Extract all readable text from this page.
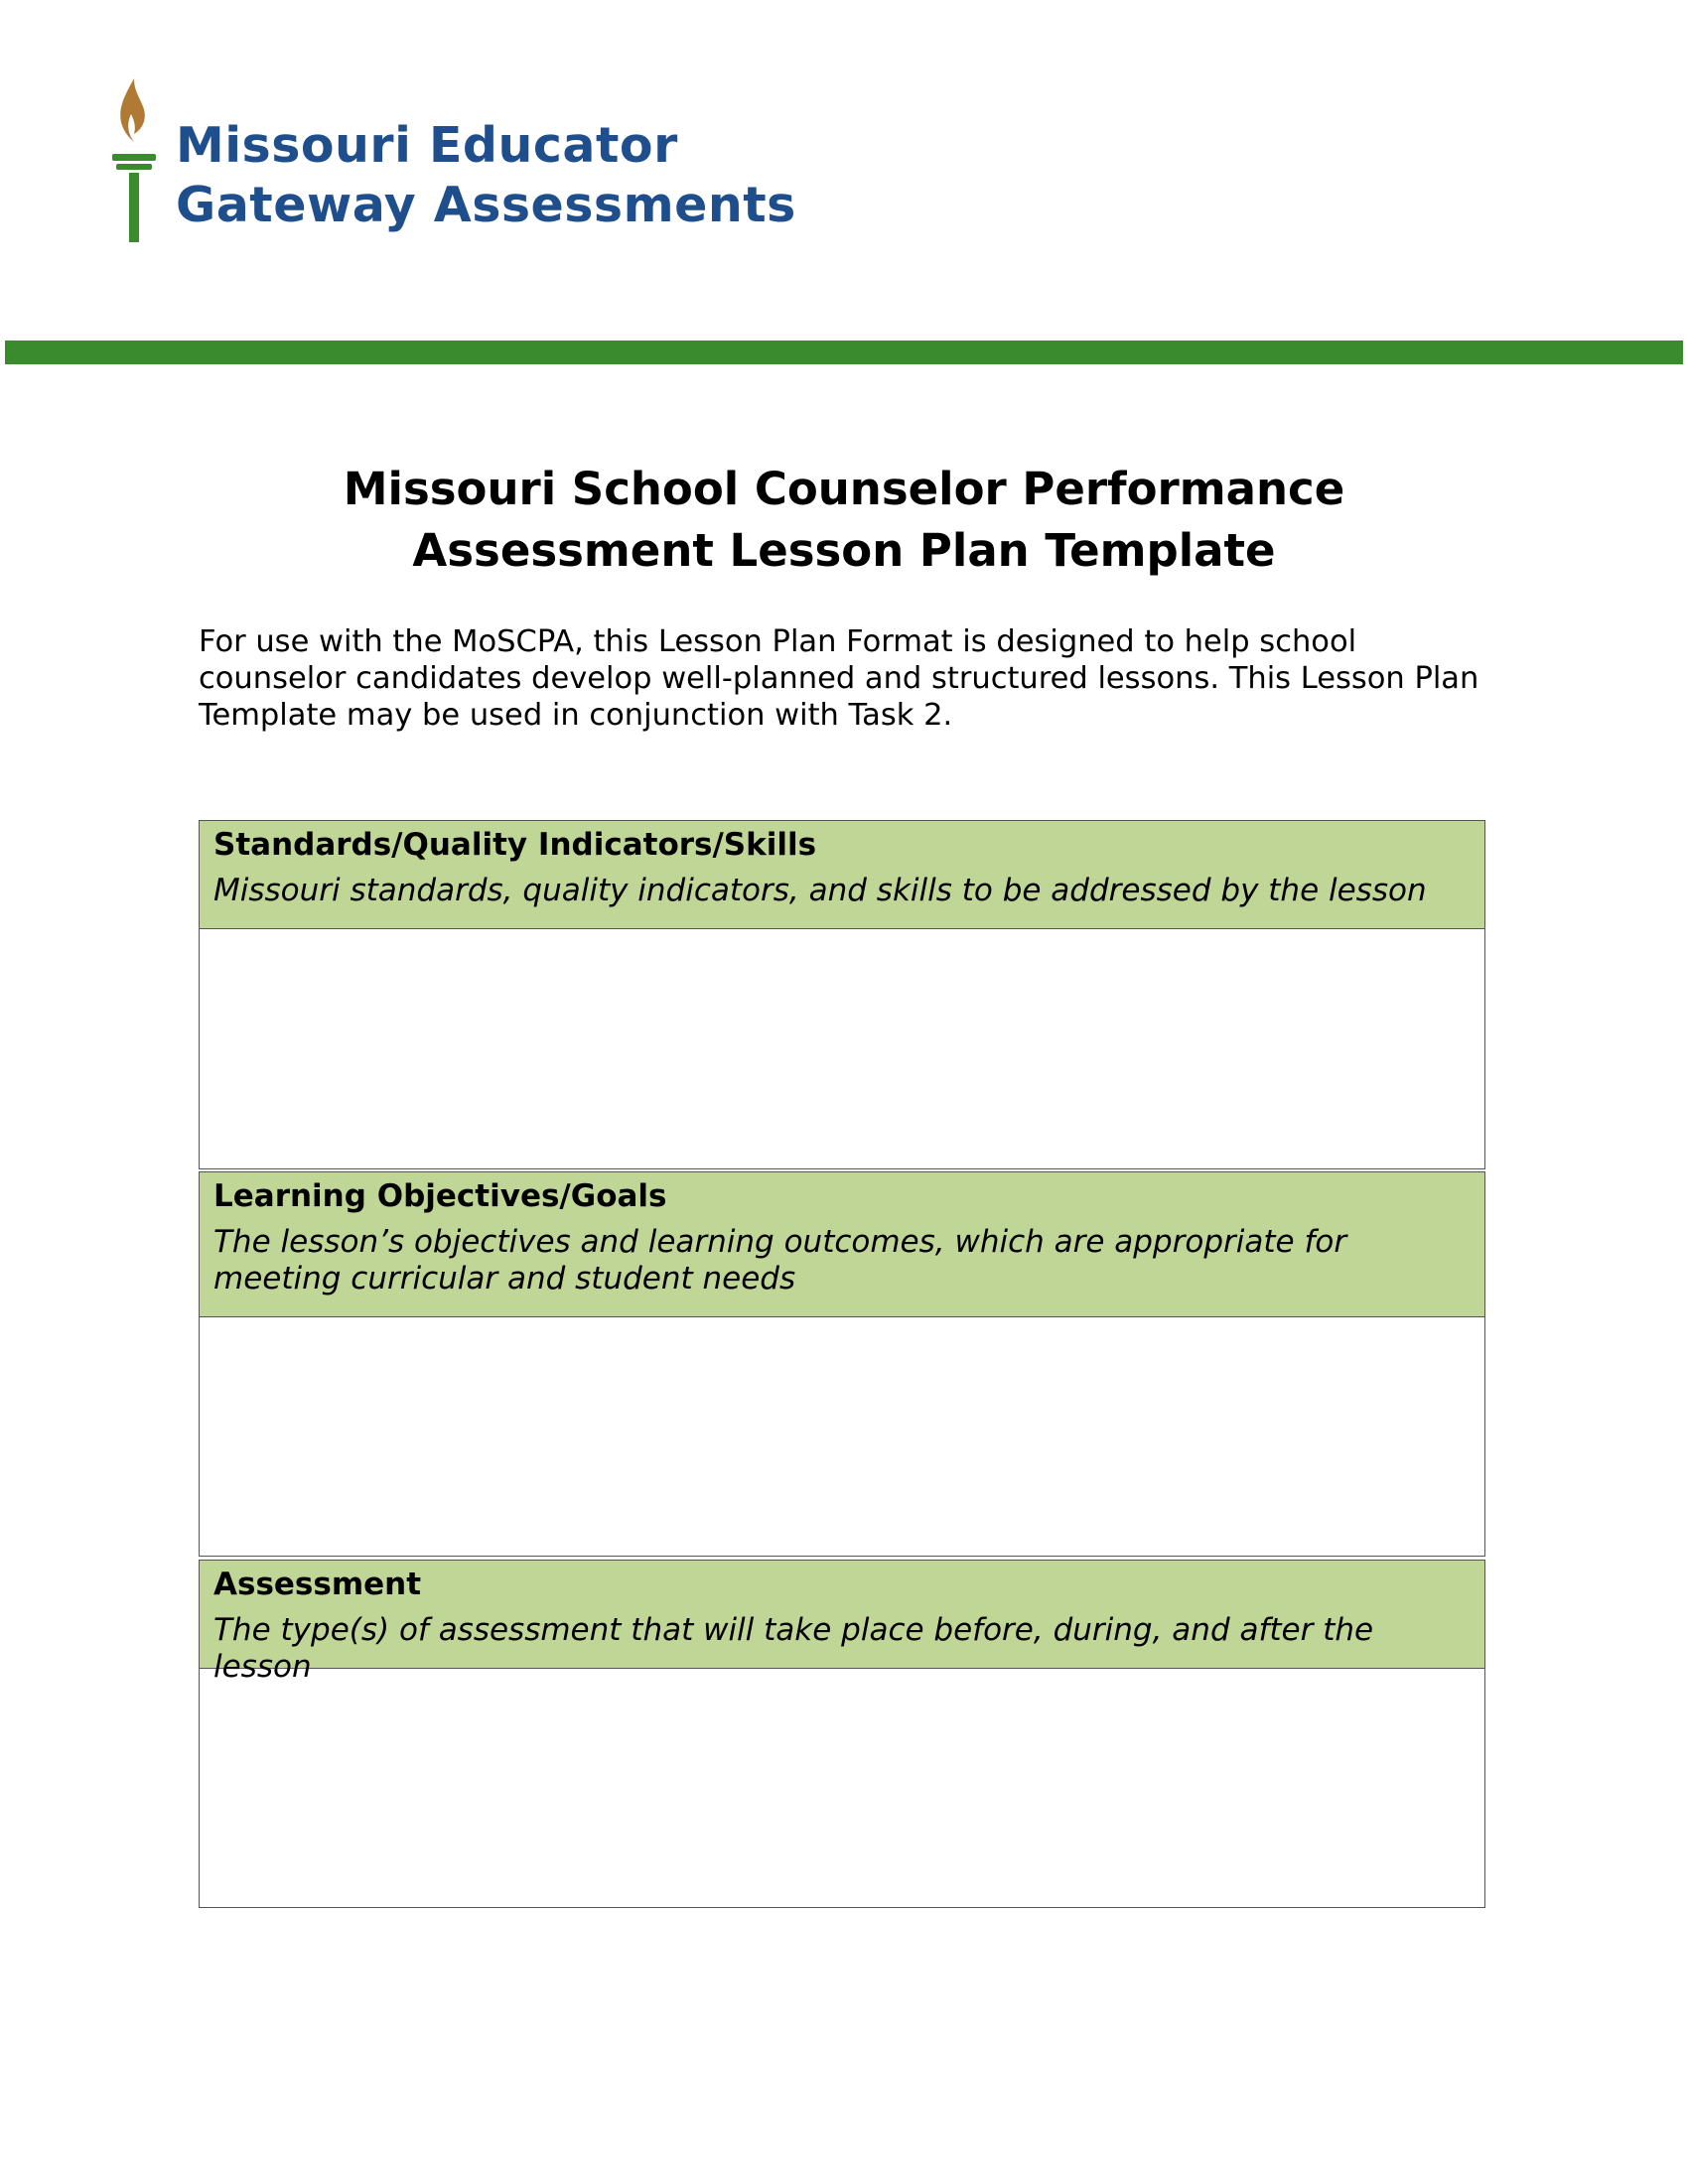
Missouri Educator
Gateway Assessments
Missouri School Counselor Performance
Assessment Lesson Plan Template

For use with the MoSCPA, this Lesson Plan Format is designed to help school counselor candidates develop well-planned and structured lessons. This Lesson Plan Template may be used in conjunction with Task 2.

Standards/Quality Indicators/Skills
Missouri standards, quality indicators, and skills to be addressed by the lesson
Learning Objectives/Goals
The lesson’s objectives and learning outcomes, which are appropriate for meeting curricular and student needs
Assessment
The type(s) of assessment that will take place before, during, and after the lesson
